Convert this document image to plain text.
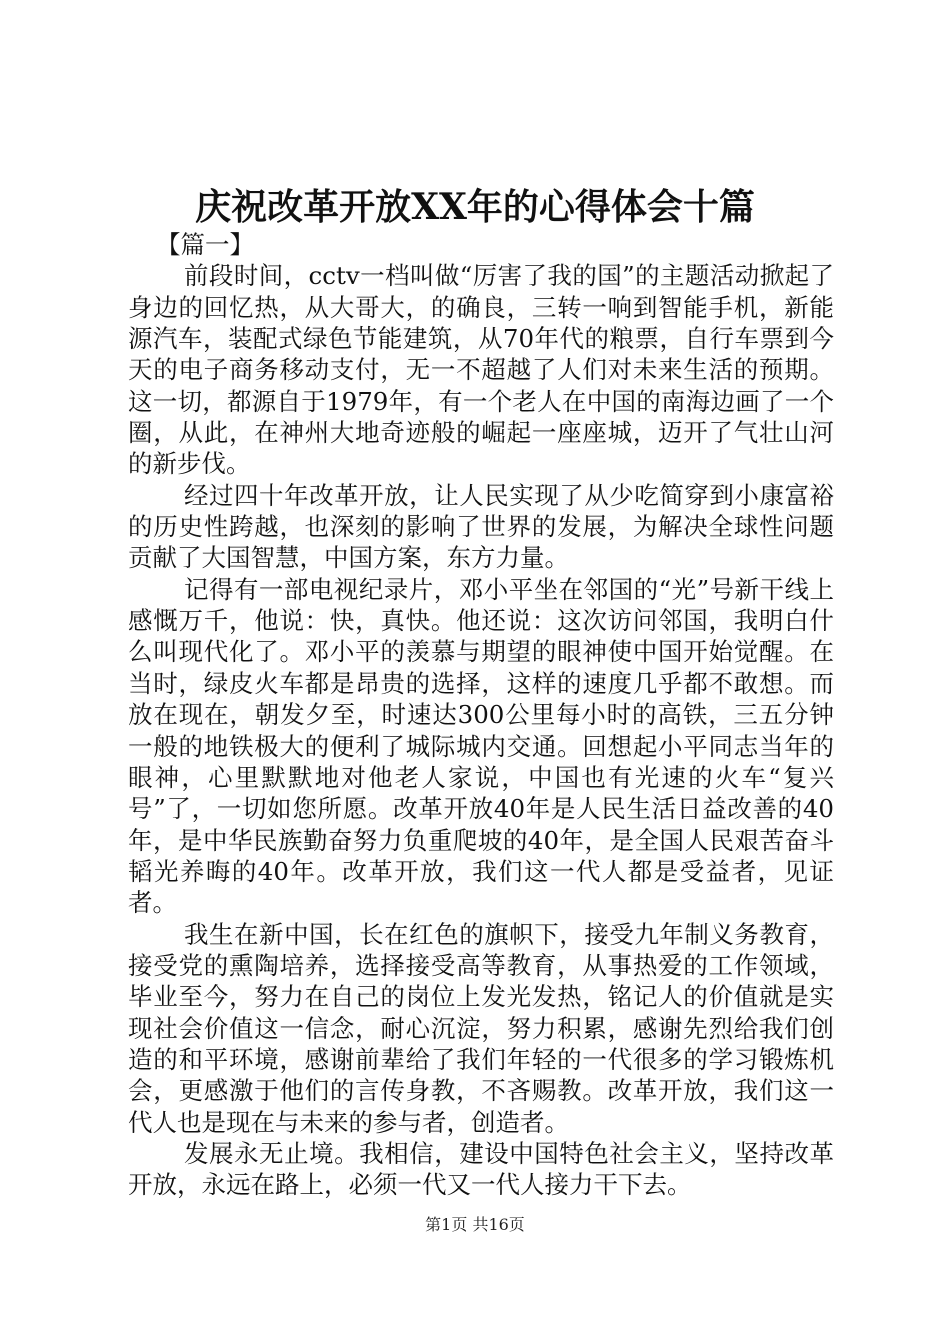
庆祝改革开放XX年的心得体会十篇

【篇一】

前段时间，cctv一档叫做“厉害了我的国”的主题活动掀起了身边的回忆热，从大哥大，的确良，三转一响到智能手机，新能源汽车，装配式绿色节能建筑，从70年代的粮票，自行车票到今天的电子商务移动支付，无一不超越了人们对未来生活的预期。这一切，都源自于1979年，有一个老人在中国的南海边画了一个圈，从此，在神州大地奇迹般的崛起一座座城，迈开了气壮山河的新步伐。

经过四十年改革开放，让人民实现了从少吃简穿到小康富裕的历史性跨越，也深刻的影响了世界的发展，为解决全球性问题贡献了大国智慧，中国方案，东方力量。

记得有一部电视纪录片，邓小平坐在邻国的“光”号新干线上感慨万千，他说：快，真快。他还说：这次访问邻国，我明白什么叫现代化了。邓小平的羡慕与期望的眼神使中国开始觉醒。在当时，绿皮火车都是昂贵的选择，这样的速度几乎都不敢想。而放在现在，朝发夕至，时速达300公里每小时的高铁，三五分钟一般的地铁极大的便利了城际城内交通。回想起小平同志当年的眼神，心里默默地对他老人家说，中国也有光速的火车“复兴号”了，一切如您所愿。改革开放40年是人民生活日益改善的40年，是中华民族勤奋努力负重爬坡的40年，是全国人民艰苦奋斗韬光养晦的40年。改革开放，我们这一代人都是受益者，见证者。

我生在新中国，长在红色的旗帜下，接受九年制义务教育，接受党的熏陶培养，选择接受高等教育，从事热爱的工作领域，毕业至今，努力在自己的岗位上发光发热，铭记人的价值就是实现社会价值这一信念，耐心沉淀，努力积累，感谢先烈给我们创造的和平环境，感谢前辈给了我们年轻的一代很多的学习锻炼机会，更感激于他们的言传身教，不吝赐教。改革开放，我们这一代人也是现在与未来的参与者，创造者。

发展永无止境。我相信，建设中国特色社会主义，坚持改革开放，永远在路上，必须一代又一代人接力干下去。

第1页 共16页
